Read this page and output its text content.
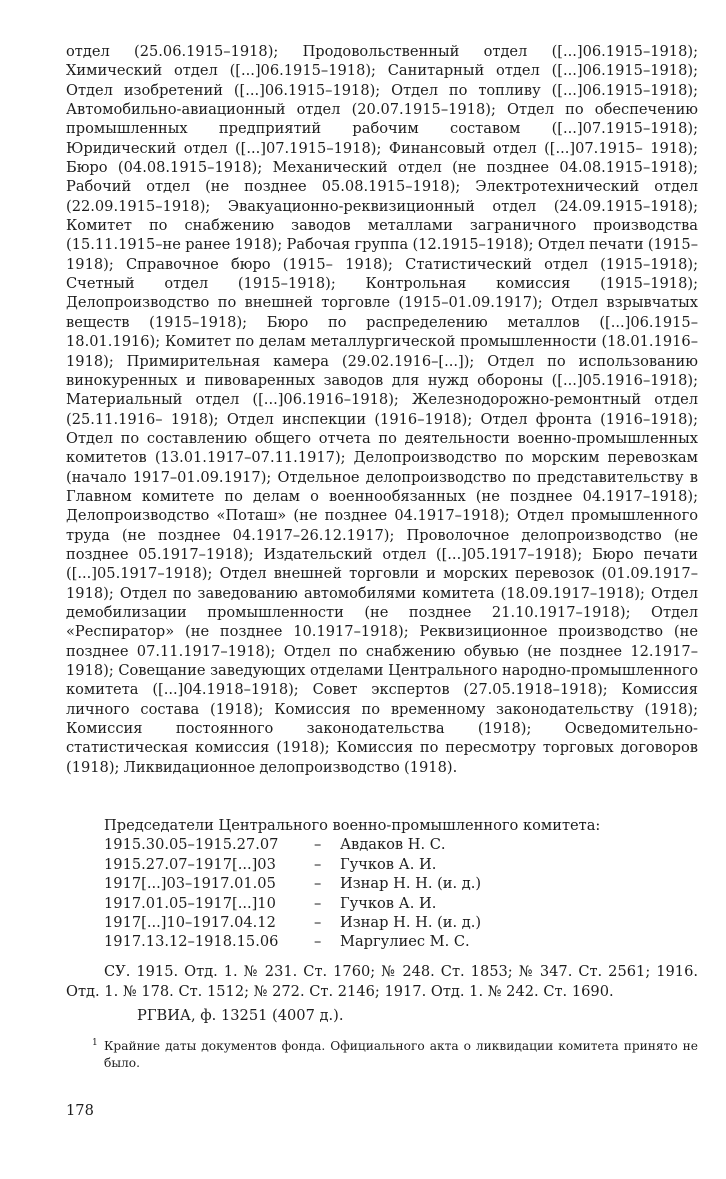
отдел (25.06.1915–1918); Продовольственный отдел ([...]06.1915–1918); Химический отдел ([...]06.1915–1918); Санитарный отдел ([...]06.1915–1918); Отдел изобретений ([...]06.1915–1918); Отдел по топливу ([...]06.1915–1918); Автомобильно-авиационный отдел (20.07.1915–1918); Отдел по обеспечению промышленных предприятий рабочим составом ([...]07.1915–1918); Юридический отдел ([...]07.1915–1918); Финансовый отдел ([...]07.1915– 1918); Бюро (04.08.1915–1918); Механический отдел (не позднее 04.08.1915–1918); Рабочий отдел (не позднее 05.08.1915–1918); Электротехнический отдел (22.09.1915–1918); Эвакуационно-реквизиционный отдел (24.09.1915–1918); Комитет по снабжению заводов металлами заграничного производства (15.11.1915–не ранее 1918); Рабочая группа (12.1915–1918); Отдел печати (1915–1918); Справочное бюро (1915– 1918); Статистический отдел (1915–1918); Счетный отдел (1915–1918); Контрольная комиссия (1915–1918); Делопроизводство по внешней торговле (1915–01.09.1917); Отдел взрывчатых веществ (1915–1918); Бюро по распределению металлов ([...]06.1915–18.01.1916); Комитет по делам металлургической промышленности (18.01.1916–1918); Примирительная камера (29.02.1916–[...]); Отдел по использованию винокуренных и пивоваренных заводов для нужд обороны ([...]05.1916–1918); Материальный отдел ([...]06.1916–1918); Железнодорожно-ремонтный отдел (25.11.1916– 1918); Отдел инспекции (1916–1918); Отдел фронта (1916–1918); Отдел по составлению общего отчета по деятельности военно-промышленных комитетов (13.01.1917–07.11.1917); Делопроизводство по морским перевозкам (начало 1917–01.09.1917); Отдельное делопроизводство по представительству в Главном комитете по делам о военнообязанных (не позднее 04.1917–1918); Делопроизводство «Поташ» (не позднее 04.1917–1918); Отдел промышленного труда (не позднее 04.1917–26.12.1917); Проволочное делопроизводство (не позднее 05.1917–1918); Издательский отдел ([...]05.1917–1918); Бюро печати ([...]05.1917–1918); Отдел внешней торговли и морских перевозок (01.09.1917–1918); Отдел по заведованию автомобилями комитета (18.09.1917–1918); Отдел демобилизации промышленности (не позднее 21.10.1917–1918); Отдел «Респиратор» (не позднее 10.1917–1918); Реквизиционное производство (не позднее 07.11.1917–1918); Отдел по снабжению обувью (не позднее 12.1917–1918); Совещание заведующих отделами Центрального народно-промышленного комитета ([...]04.1918–1918); Совет экспертов (27.05.1918–1918); Комиссия личного состава (1918); Комиссия по временному законодательству (1918); Комиссия постоянного законодательства (1918); Осведомительно-статистическая комиссия (1918); Комиссия по пересмотру торговых договоров (1918); Ликвидационное делопроизводство (1918).
Председатели Центрального военно-промышленного комитета:
1915.30.05–1915.27.07	–	Авдаков Н. С.
1915.27.07–1917[...]03	–	Гучков А. И.
1917[...]03–1917.01.05	–	Изнар Н. Н. (и. д.)
1917.01.05–1917[...]10	–	Гучков А. И.
1917[...]10–1917.04.12	–	Изнар Н. Н. (и. д.)
1917.13.12–1918.15.06	–	Маргулиес М. С.
СУ. 1915. Отд. 1. № 231. Ст. 1760; № 248. Ст. 1853; № 347. Ст. 2561; 1916. Отд. 1. № 178. Ст. 1512; № 272. Ст. 2146; 1917. Отд. 1. № 242. Ст. 1690.
РГВИА, ф. 13251 (4007 д.).
1 Крайние даты документов фонда. Официального акта о ликвидации комитета принято не было.
178
